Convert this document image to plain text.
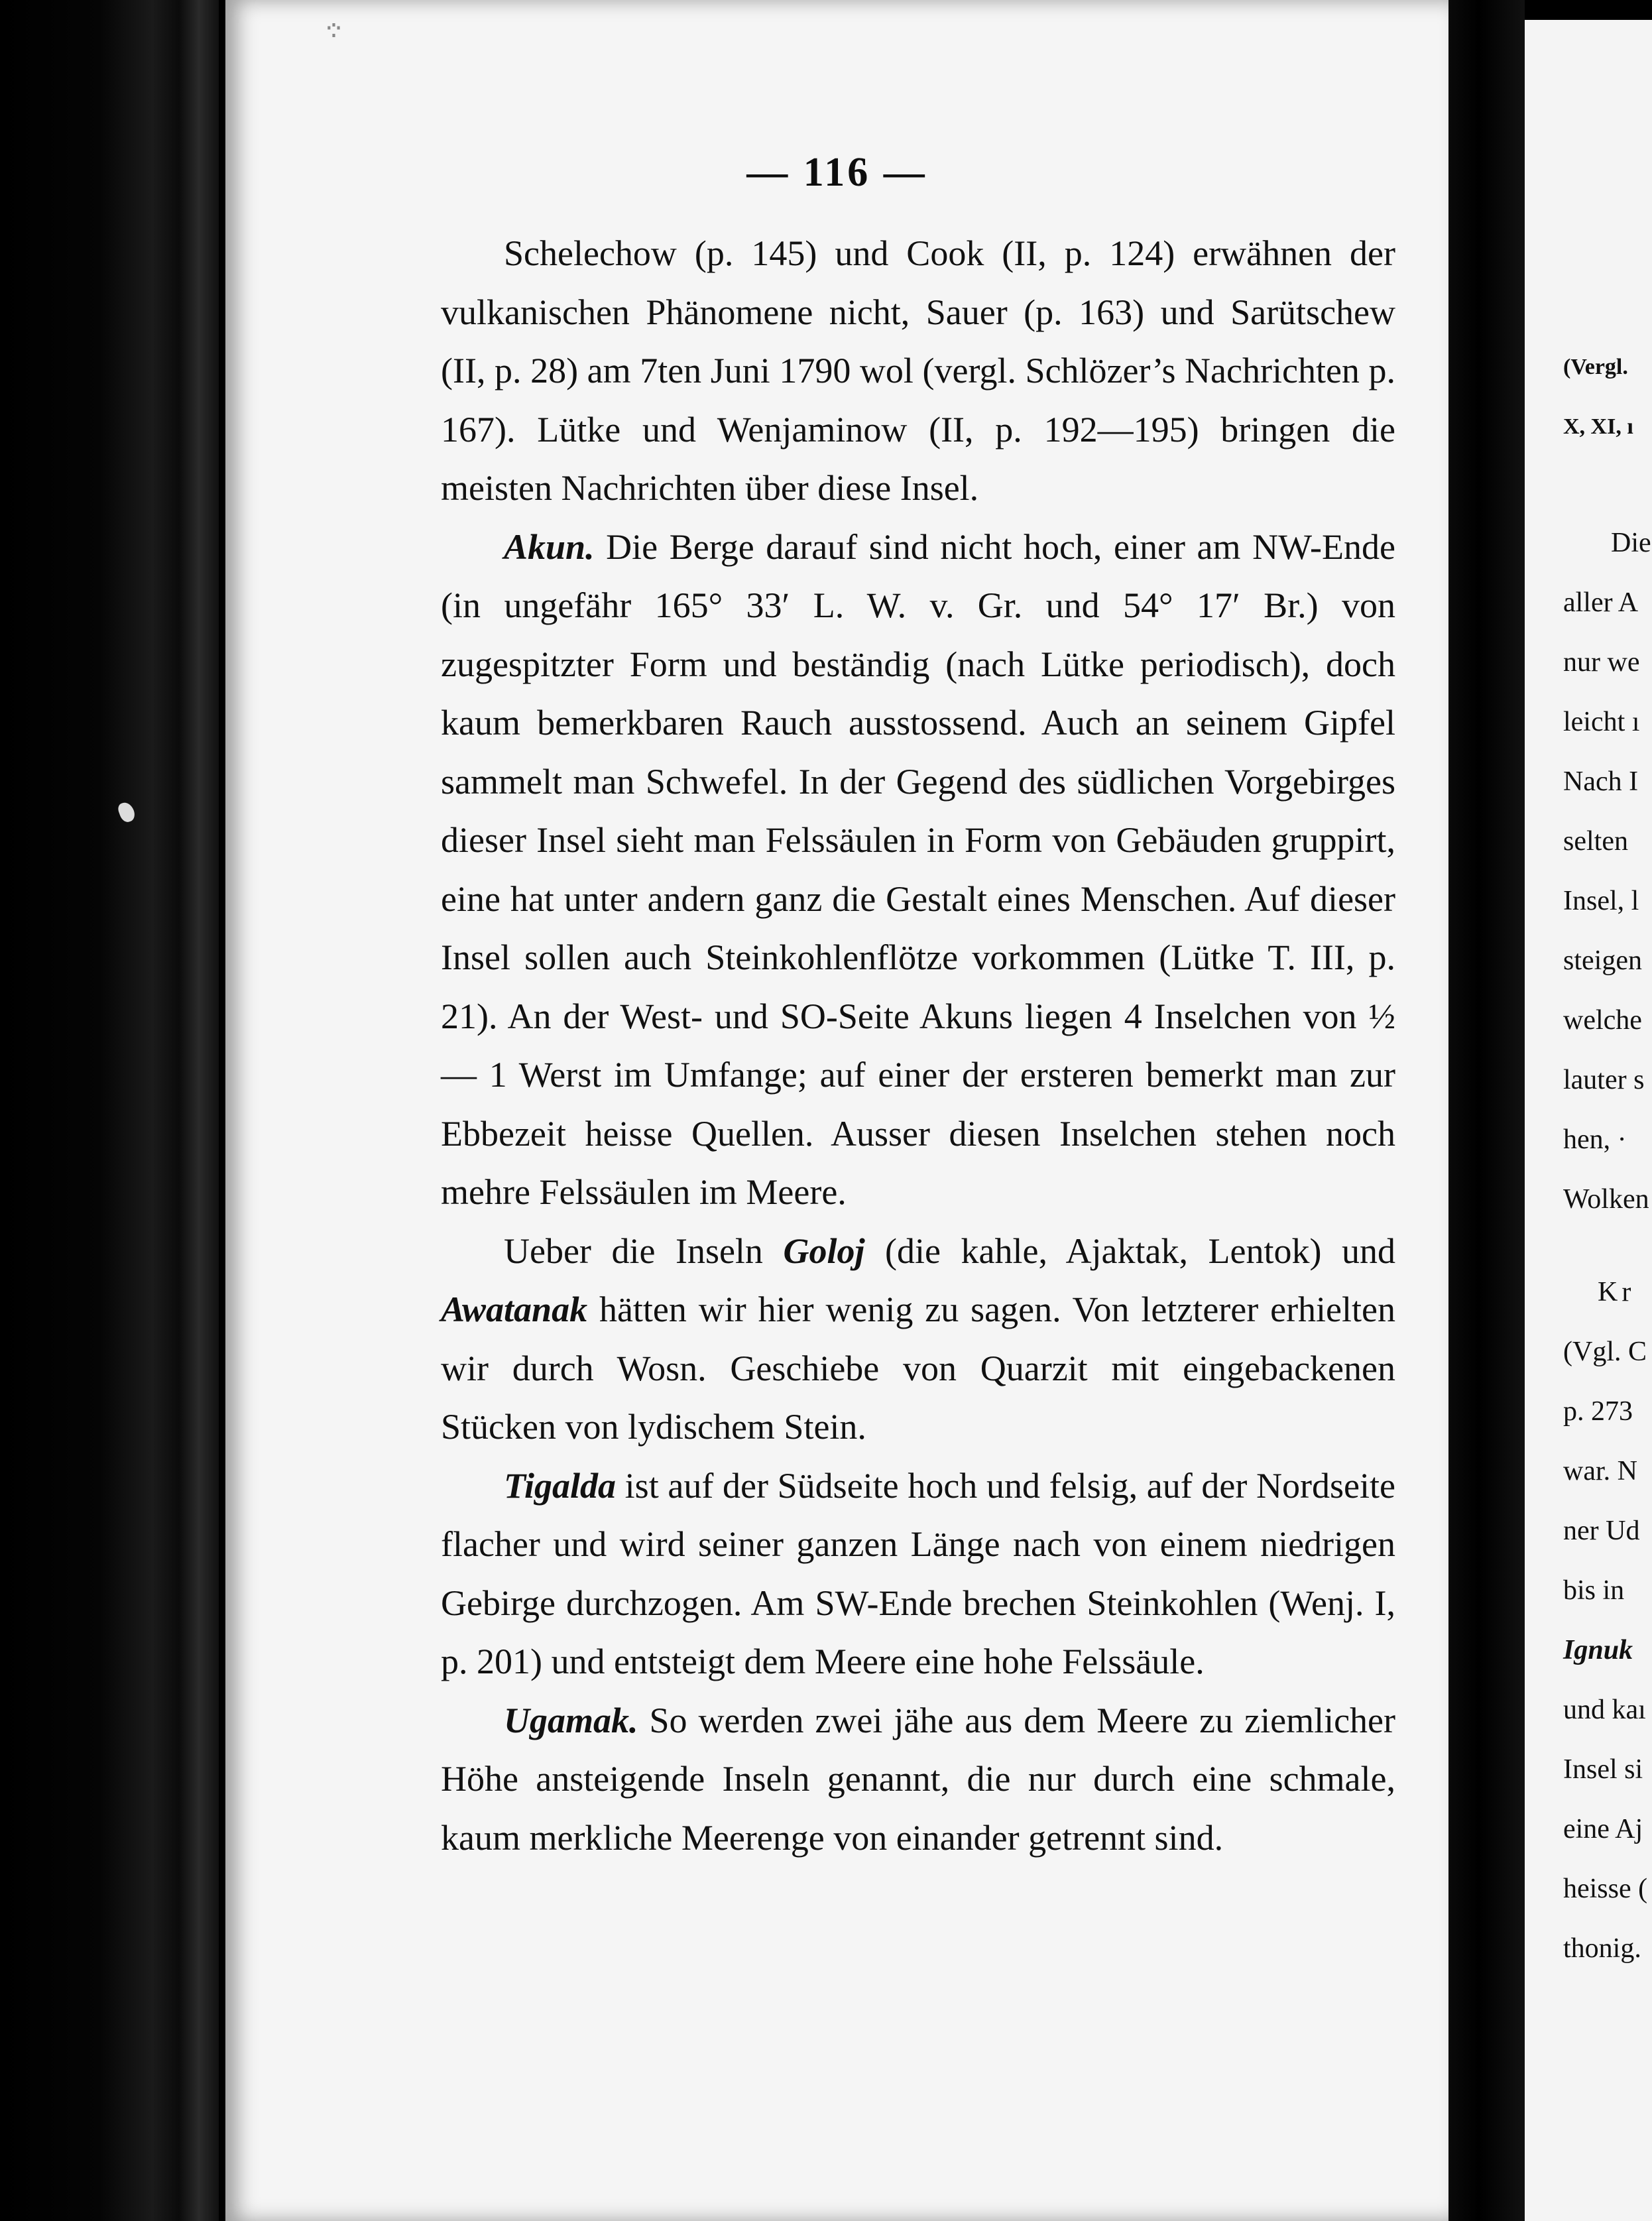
·:·
— 116 —

Schelechow (p. 145) und Cook (II, p. 124) erwähnen der vulkanischen Phänomene nicht, Sauer (p. 163) und Sarütschew (II, p. 28) am 7ten Juni 1790 wol (vergl. Schlözer’s Nachrichten p. 167). Lütke und Wenjaminow (II, p. 192—195) bringen die meisten Nachrichten über diese Insel.

Akun. Die Berge darauf sind nicht hoch, einer am NW-Ende (in ungefähr 165° 33′ L. W. v. Gr. und 54° 17′ Br.) von zugespitzter Form und beständig (nach Lütke periodisch), doch kaum bemerkbaren Rauch ausstossend. Auch an seinem Gipfel sammelt man Schwefel. In der Gegend des südlichen Vorgebirges dieser Insel sieht man Felssäulen in Form von Gebäuden gruppirt, eine hat unter andern ganz die Gestalt eines Menschen. Auf dieser Insel sollen auch Steinkohlenflötze vorkommen (Lütke T. III, p. 21). An der West- und SO-Seite Akuns liegen 4 Inselchen von ½ — 1 Werst im Umfange; auf einer der ersteren bemerkt man zur Ebbezeit heisse Quellen. Ausser diesen Inselchen stehen noch mehre Felssäulen im Meere.

Ueber die Inseln Goloj (die kahle, Ajaktak, Lentok) und Awatanak hätten wir hier wenig zu sagen. Von letzterer erhielten wir durch Wosn. Geschiebe von Quarzit mit eingebackenen Stücken von lydischem Stein.

Tigalda ist auf der Südseite hoch und felsig, auf der Nordseite flacher und wird seiner ganzen Länge nach von einem niedrigen Gebirge durchzogen. Am SW-Ende brechen Steinkohlen (Wenj. I, p. 201) und entsteigt dem Meere eine hohe Felssäule.

Ugamak. So werden zwei jähe aus dem Meere zu ziemlicher Höhe ansteigende Inseln genannt, die nur durch eine schmale, kaum merkliche Meerenge von einander getrennt sind.

(Vergl.
X, XI, ı
Die
aller A
nur we
leicht ı
Nach I
selten
Insel, l
steigen
welche
lauter s
hen, ·
Wolken
Kr
(Vgl. C
p. 273
war. N
ner Ud
bis in
Ignuk
und kaı
Insel si
eine Aj
heisse (
thonig.
